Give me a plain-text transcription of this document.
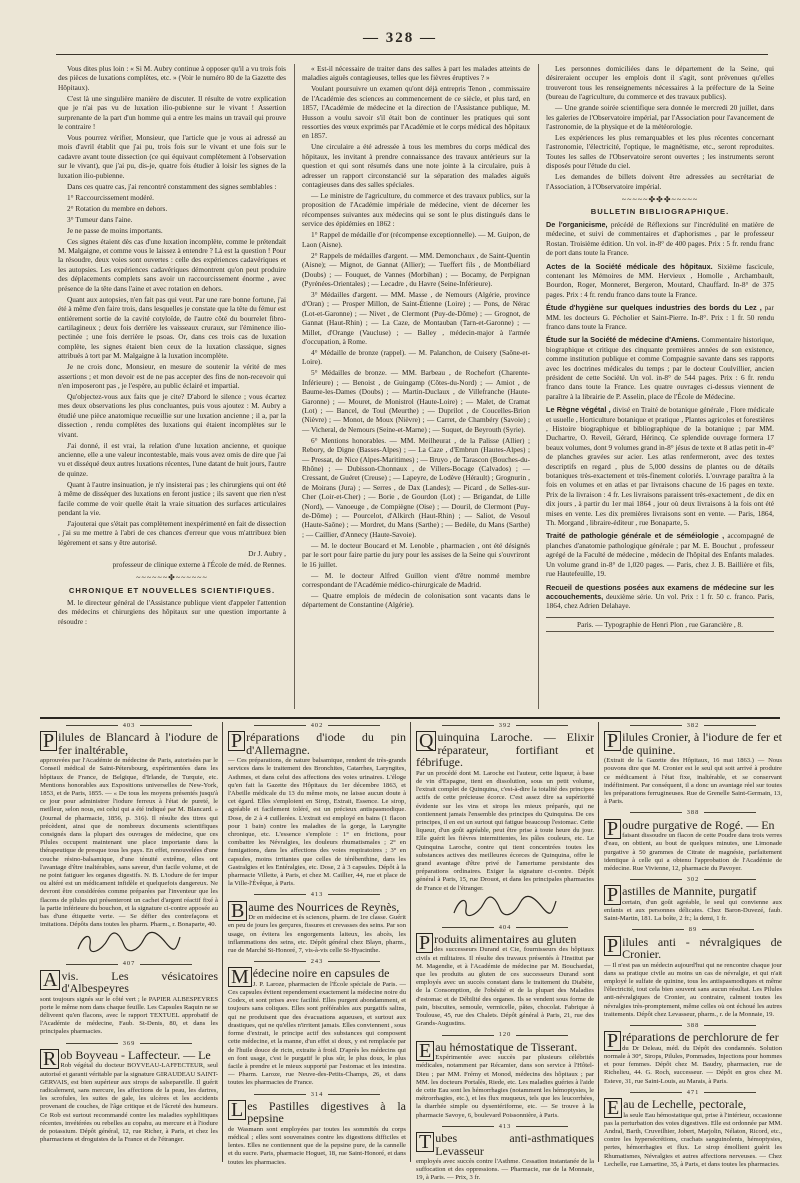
— 328 —

Vous dites plus loin : « Si M. Aubry continue à opposer qu'il a vu trois fois des pièces de luxations complètes, etc. » (Voir le numéro 80 de la Gazette des Hôpitaux).

C'est là une singulière manière de discuter. Il résulte de votre explication que je n'ai pas vu de luxation ilio-pubienne sur le vivant ! Assertion surprenante de la part d'un homme qui a entre les mains un travail qui prouve le contraire !

Vous pourrez vérifier, Monsieur, que l'article que je vous ai adressé au mois d'avril établit que j'ai pu, trois fois sur le vivant et une fois sur le cadavre avant toute dissection (ce qui équivaut complètement à l'observation sur le vivant), que j'ai pu, dis-je, quatre fois étudier à loisir les signes de la luxation ilio-pubienne.

Dans ces quatre cas, j'ai rencontré constamment des signes semblables :

1° Raccourcissement modéré.

2° Rotation du membre en dehors.

3° Tumeur dans l'aine.

Je ne passe de moins importants.

Ces signes étaient dès cas d'une luxation incomplète, comme le prétendait M. Malgaigne, et comme vous le laissez à entendre ? Là est la question ! Pour la résoudre, deux voies sont ouvertes : celle des expériences cadavériques et les autopsies. Les expériences cadavériques démontrent qu'on peut produire des déplacements complets sans avoir un raccourcissement énorme , avec présence de la tête dans l'aine et avec rotation en dehors.

Quant aux autopsies, n'en fait pas qui veut. Par une rare bonne fortune, j'ai été à même d'en faire trois, dans lesquelles je constate que la tête du fémur est entièrement sortie de la cavité cotyloïde, de l'autre côté du bourrelet fibro-cartilagineux ; deux fois derrière les vaisseaux cruraux, sur l'éminence ilio-pectinée ; une fois derrière le psoas. Or, dans ces trois cas de luxation complète, les signes étaient bien ceux de la luxation classique, signes attribués à tort par M. Malgaigne à la luxation incomplète.

Je ne crois donc, Monsieur, en mesure de soutenir la vérité de mes assertions ; et mon devoir est de ne pas accepter des fins de non-recevoir qui n'en imposeront pas , je l'espère, au public éclairé et impartial.

Qu'objectez-vous aux faits que je cite? D'abord le silence ; vous écartez mes deux observations les plus concluantes, puis vous ajoutez : M. Aubry a étudié une pièce anatomique recueillie sur une luxation ancienne ; il a, par la dissection , rendu complètes des luxations qui étaient incomplètes sur le vivant.

J'ai donné, il est vrai, la relation d'une luxation ancienne, et quoique ancienne, elle a une valeur incontestable, mais vous avez omis de dire que j'ai vu et disséqué deux autres luxations récentes, l'une datant de huit jours, l'autre de quinze.

Quant à l'autre insinuation, je n'y insisterai pas ; les chirurgiens qui ont été à même de disséquer des luxations en feront justice ; ils savent que rien n'est facile comme de voir quelle était la vraie situation des surfaces articulaires pendant la vie.

J'ajouterai que s'était pas complètement inexpérimenté en fait de dissection , j'ai su me mettre à l'abri de ces chances d'erreur que vous m'attribuez bien légèrement et sans y être autorisé.

Dr J. Aubry ,

professeur de clinique externe à l'École de méd. de Rennes.

~~~~~~✤~~~~~~
CHRONIQUE ET NOUVELLES SCIENTIFIQUES.

M. le directeur général de l'Assistance publique vient d'appeler l'attention des médecins et chirurgiens des hôpitaux sur une question importante à résoudre :

« Est-il nécessaire de traiter dans des salles à part les malades atteints de maladies aiguës contagieuses, telles que les fièvres éruptives ? »

Voulant poursuivre un examen qu'ont déjà entrepris Tenon , commissaire de l'Académie des sciences au commencement de ce siècle, et plus tard, en 1857, l'Académie de médecine et la direction de l'Assistance publique, M. Husson a voulu savoir s'il était bon de continuer les pratiques qui sont ressorties des vœux exprimés par l'Académie et le corps médical des hôpitaux en 1857.

Une circulaire a été adressée à tous les membres du corps médical des hôpitaux, les invitant à prendre connaissance des travaux antérieurs sur la question et qui sont résumés dans une note jointe à la circulaire, puis à adresser un rapport circonstancié sur la séparation des malades aiguës contagieuses dans des salles spéciales.

— Le ministre de l'agriculture, du commerce et des travaux publics, sur la proposition de l'Académie impériale de médecine, vient de décerner les récompenses suivantes aux médecins qui se sont le plus distingués dans le service des épidémies en 1862 :

1° Rappel de médaille d'or (récompense exceptionnelle). — M. Guipon, de Laon (Aisne).

2° Rappels de médailles d'argent. — MM. Demonchaux , de Saint-Quentin (Aisne); — Mignot, de Gannat (Allier); — Tueffert fils , de Montbéliard (Doubs) ; — Fouquet, de Vannes (Morbihan) ; — Bocamy, de Perpignan (Pyrénées-Orientales) ; — Lecadre , du Havre (Seine-Inférieure).

3° Médailles d'argent. — MM. Masse , de Nemours (Algérie, province d'Oran) ; — Prosper Millon, de Saint-Étienne (Loire) ; — Pons, de Nérac (Lot-et-Garonne) ; — Nivet , de Clermont (Puy-de-Dôme) ; — Grognot, de Gannat (Haut-Rhin) ; — La Caze, de Montauban (Tarn-et-Garonne) ; — Millet, d'Orange (Vaucluse) ; — Balley , médecin-major à l'armée d'occupation, à Rome.

4° Médaille de bronze (rappel). — M. Palanchon, de Cuisery (Saône-et-Loire).

5° Médailles de bronze. — MM. Barbeau , de Rochefort (Charente-Inférieure) ; — Benoist , de Guingamp (Côtes-du-Nord) ; — Amiot , de Baume-les-Dames (Doubs) ; — Martin-Duclaux , de Villefranche (Haute-Garonne) ; — Mouret, de Monistrol (Haute-Loire) ; — Malet, de Cramat (Lot) ; — Bancel, de Toul (Meurthe) ; — Duprilot , de Coucelles-Brion (Nièvre) ; — Monot, de Moux (Nièvre) ; — Carret, de Chambéry (Savoie) ; — Vicheral, de Nemours (Seine-et-Marne) ; — Suquet, de Beyrouth (Syrie).

6° Mentions honorables. — MM. Meilheurat , de la Palisse (Allier) ; Rebory, de Digne (Basses-Alpes) ; — La Caze , d'Embrun (Hautes-Alpes) ; — Pressat, de Nice (Alpes-Maritimes) ; — Bruyo , de Tarascon (Bouches-du-Rhône) ; — Dubisson-Chonnaux , de Villers-Bocage (Calvados) ; — Cressant, de Guéret (Creuse) ; — Lapeyre, de Lodève (Hérault) ; Grognurin , de Moirans (Jura) ; — Serres , de Dax (Landes); — Picard , de Selles-sur-Cher (Loir-et-Cher) ; — Borie , de Gourdon (Lot) ; — Brigandat, de Lille (Nord), — Vanoeuge , de Compiègne (Oise) ; — Douril, de Clermont (Puy-de-Dôme) ; — Pourcelot, d'Alkirch (Haut-Rhin) ; — Saliot, de Vesoul (Haute-Saône) ; — Mordret, du Mans (Sarthe) ; — Bedèle, du Mans (Sarthe) ; — Caillier, d'Annecy (Haute-Savoie).

— M. le docteur Boucard et M. Lenoble , pharmacien , ont été désignés par le sort pour faire partie du jury pour les assises de la Seine qui s'ouvriront le 16 juillet.

— M. le docteur Alfred Guillon vient d'être nommé membre correspondant de l'Académie médico-chirurgicale de Madrid.

— Quatre emplois de médecin de colonisation sont vacants dans le département de Constantine (Algérie).

Les personnes domiciliées dans le département de la Seine, qui désireraient occuper les emplois dont il s'agit, sont prévenues qu'elles trouveront tous les renseignements nécessaires à la préfecture de la Seine (bureau de l'agriculture, du commerce et des travaux publics).

— Une grande soirée scientifique sera donnée le mercredi 20 juillet, dans les galeries de l'Observatoire impérial, par l'Association pour l'avancement de l'astronomie, de la physique et de la météorologie.

Les expériences les plus remarquables et les plus récentes concernant l'astronomie, l'électricité, l'optique, le magnétisme, etc., seront reproduites. Toutes les salles de l'Observatoire seront ouvertes ; les instruments seront disposés pour l'étude du ciel.

Les demandes de billets doivent être adressées au secrétariat de l'Association, à l'Observatoire impérial.

~~~~~✤✤✤~~~~~
BULLETIN BIBLIOGRAPHIQUE.

De l'organicisme, précédé de Réflexions sur l'incrédulité en matière de médecine, et suivi de commentaires et d'aphorismes , par le professeur Rostan. Troisième édition. Un vol. in-8° de 400 pages. Prix : 5 fr. rendu franc de port dans toute la France.

Actes de la Société médicale des hôpitaux. Sixième fascicule, contenant les Mémoires de MM. Hervieux , Homolle , Archambault, Bourdon, Roger, Monneret, Bergeron, Moutard, Chauffard. In-8° de 375 pages. Prix : 4 fr. rendu franco dans toute la France.

Étude d'hygiène sur quelques industries des bords du Lez , par MM. les docteurs G. Pécholier et Saint-Pierre. In-8°. Prix : 1 fr. 50 rendu franco dans toute la France.

Étude sur la Société de médecine d'Amiens. Commentaire historique, biographique et critique des cinquante premières années de son existence, comme institution publique et comme Compagnie savante dans ses rapports avec les doctrines médicales du temps ; par le docteur Coulvillier, ancien président de cette Société. Un vol. in-8° de 544 pages. Prix : 6 fr. rendu franco dans toute la France. Les quatre ouvrages ci-dessus viennent de paraître à la librairie de P. Asselin, place de l'École de Médecine.

Le Règne végétal , divisé en Traité de botanique générale , Flore médicale et usuelle , Horticulture botanique et pratique , Plantes agricoles et forestières , Histoire biographique et bibliographique de la botanique ; par MM. Duchartre, O. Reveil, Gérard, Hérincq. Ce splendide ouvrage formera 17 beaux volumes, dont 9 volumes grand in-8° jésus de texte et 8 atlas petit in-4° de planches gravées sur acier. Les atlas renfermeront, avec des textes descriptifs en regard , plus de 5,000 dessins de plantes ou de détails botaniques très-exactement et très-finement coloriés. L'ouvrage paraîtra à la fois en volumes et en atlas et par livraisons chacune de 16 pages en texte. Prix de la livraison : 4 fr. Les livraisons paraissent très-exactement , de dix en dix jours , à partir du 1er mai 1864 , jour où deux livraisons à la fois ont été mises en vente. Les dix premières livraisons sont en vente. — Paris, 1864, Th. Morgand , libraire-éditeur , rue Bonaparte, 5.

Traité de pathologie générale et de séméiologie , accompagné de planches d'anatomie pathologique générale ; par M. E. Bouchut , professeur agrégé de la Faculté de médecine , médecin de l'hôpital des Enfants malades. Un volume grand in-8° de 1,020 pages. — Paris, chez J. B. Baillière et fils, rue Hautefeuille, 19.

Recueil de questions posées aux examens de médecine sur les accouchements, deuxième série. Un vol. Prix : 1 fr. 50 c. franco. Paris, 1864, chez Adrien Delahaye.

Paris. — Typographie de Henri Plon , rue Garancière , 8.
403
P ilules de Blancard à l'iodure de fer inaltérable,
approuvées par l'Académie de médecine de Paris, autorisées par le Conseil médical de Saint-Pétersbourg, expérimentées dans les hôpitaux de France, de Belgique, d'Irlande, de Turquie, etc. Mentions honorables aux Expositions universelles de New-York, 1853, et de Paris, 1855. — « De tous les moyens présentés jusqu'à ce jour pour administrer l'iodure ferreux à l'état de pureté, le meilleur, selon nous, est celui qui a été indiqué par M. Blancard. » (Journal de pharmacie, 1856, p. 316). Il résulte des titres qui précèdent, ainsi que de nombreux documents scientifiques consignés dans la plupart des ouvrages de médecine, que ces Pilules occupent maintenant une place importante dans la thérapeutique de presque tous les pays. En effet, renouvelées d'une couche résino-balsamique, d'une ténuité extrême, elles ont l'avantage d'être inaltérables, sans saveur, d'un facile volume, et de ne point fatiguer les organes digestifs. N. B. L'iodure de fer impur ou altéré est un médicament infidèle et quelquefois dangereux. Ne devront être considérées comme préparées par l'inventeur que les flacons de pilules qui présenteront un cachet d'argent réactif fixé à la partie inférieure du bouchon, et la signature ci-contre apposée au bas d'une étiquette verte. — Se défier des contrefaçons et imitations. Dépôts dans toutes les pharm. Pharm., r. Bonaparte, 40.
407
A vis. Les vésicatoires d'Albespeyres
sont toujours signés sur le côté vert ; le PAPIER ALBESPEYRES porte le même nom dans chaque feuille. Les Capsules Raquin ne se délivrent qu'en flacons, avec le rapport TEXTUEL approbatif de l'Académie de médecine, Faub. St-Denis, 80, et dans les principales pharmacies.
369
R ob Boyveau - Laffecteur. — Le
Rob végétal du docteur BOYVEAU-LAFFECTEUR, seul autorisé et garanti véritable par la signature GIRAUDEAU SAINT-GERVAIS, est bien supérieur aux sirops de salsepareille. Il guérit radicalement, sans mercure, les affections de la peau, les dartres, les scrofules, les suites de gale, les ulcères et les accidents provenant de couches, de l'âge critique et de l'âcreté des humeurs. Ce Rob est surtout recommandé contre les maladies syphilitiques récentes, invétérées ou rebelles au copahu, au mercure et à l'iodure de potassium. Dépôt général, 12, rue Richer, à Paris, et chez les pharmaciens et droguistes de la France et de l'étranger.
402
P réparations d'iode du pin d'Allemagne.
— Ces préparations, de nature balsamique, rendent de très-grands services dans le traitement des Bronchites, Catarrhes, Laryngites, Asthmes, et dans celui des affections des voies urinaires. L'éloge qu'en fait la Gazette des Hôpitaux du 1er décembre 1863, et l'Abeille médicale du 13 du même mois, ne laisse aucun doute à cet égard. Elles s'emploient en Sirop, Extrait, Essence. Le sirop, agréable et facilement toléré, est un précieux antispasmodique. Dose, de 2 à 4 cuillerées. L'extrait est employé en bains (1 flacon pour 1 bain) contre les maladies de la gorge, la Laryngite chronique, etc. L'essence s'emploie : 1° en frictions, pour combattre les Névralgies, les douleurs rhumatismales ; 2° en fumigations, dans les affections des voies respiratoires ; 3° en capsules, moins irritantes que celles de térébenthine, dans les Gastralgies et les Entéralgies, etc. Dose, 2 à 3 capsules. Dépôt à la pharmacie Villette, à Paris, et chez M. Caillier, 44, rue et place de la Ville-l'Évêque, à Paris.
413
B aume des Nourrices de Reynès,
Dr en médecine et ès sciences, pharm. de 1re classe. Guérit en peu de jours les gerçures, fissures et crevasses des seins. Par son usage, on évitera les engorgements laiteux, les abcès, les inflammations des seins, etc. Dépôt général chez Blayn, pharm., rue de Marché St-Honoré, 7, vis-à-vis celle St-Hyacinthe.
243
M édecine noire en capsules de
J. P. Laroze, pharmacien de l'École spéciale de Paris. — Ces capsules évitent rependement exactement la médecine noire du Codex, et sont prises avec facilité. Elles purgent abondamment, et toujours sans coliques. Elles sont préférables aux purgatifs salins, qui ne produisent que des évacuations aqueuses, et surtout aux drastiques, qui ne qu'elles n'irritent jamais. Elles conviennent , sous forme d'extrait, le principe actif des substances qui composent cette médecine, et la manne, d'un effet si doux, y est remplacée par de l'huile douce de ricin, extraite à froid. D'après les médecins qui en font usage, c'est le purgatif le plus sûr, le plus doux, le plus facile à prendre et le mieux supporté par l'estomac et les intestins. — Pharm. Laroze, rue Neuve-des-Petits-Champs, 26, et dans toutes les pharmacies de France.
314
L es Pastilles digestives à la pepsine
de Wasmann sont employées par toutes les sommités du corps médical ; elles sont souveraines contre les digestions difficiles et lentes. Elles ne contiennent que de la pepsine pure, de la cannelle et du sucre. Paris, pharmacie Hoguet, 18, rue Saint-Honoré, et dans toutes les pharmacies.
392
Q uinquina Laroche. — Elixir réparateur, fortifiant et fébrifuge.
Par un procédé dont M. Laroche est l'auteur, cette liqueur, à base de vin d'Espagne, tient en dissolution, sous un petit volume, l'extrait complet de Quinquina, c'est-à-dire la totalité des principes actifs de cette précieuse écorce. C'est assez dire sa supériorité évidente sur les vins et sirops les mieux préparés, qui ne contiennent jamais l'ensemble des principes du Quinquina. De ces principes, il en est un surtout qui fatigue beaucoup l'estomac. Cette liqueur, d'un goût agréable, peut être prise à toute heure du jour. Elle guérit les fièvres intermittentes, les pâles couleurs, etc. Le Quinquina Laroche, contre qui tient concentrées toutes les substances actives des meilleures écorces de Quinquina, offre le grand avantage d'être privé de l'amertume persistante des préparations ordinaires. Exiger la signature ci-contre. Dépôt général à Paris, 15, rue Drouot, et dans les principales pharmacies de France et de l'étranger.
404
P roduits alimentaires au gluten
des successeurs Durand et Cie, fournisseurs des hôpitaux civils et militaires. Il résulte des travaux présentés à l'Institut par M. Magendie, et à l'Académie de médecine par M. Bouchardat, que les produits au gluten de ces successeurs Durand sont employés avec un succès constant dans le traitement du Diabète, de la Consomption, de l'obésité et de la plupart des Maladies d'estomac et de Débilité des organes. Ils se vendent sous forme de pain, biscuites, semoule, vermicelle, pâtes, chocolat. Fabrique à Toulouse, 45, rue des Chalets. Dépôt général à Paris, 21, rue des Grands-Augustins.
120
E au hémostatique de Tisserant.
Expérimentée avec succès par plusieurs célébrités médicales, notamment par Récamier, dans son service à l'Hôtel-Dieu ; par MM. Frémy et Monod, médecins des hôpitaux ; par MM. les docteurs Portalès, Riede, etc. Les maladies guéries à l'aide de cette Eau sont les hémorrhagies (notamment les hémoptysies, le métrorrhagies, etc.), et les flux muqueux, tels que les leucorrhées, la diarrhée simple ou dysentériforme, etc. — Se trouve à la pharmacie Savoye, 6, boulevard Poissonnière, à Paris.
413
T ubes anti-asthmatiques Levasseur
employés avec succès contre l'Asthme. Cessation instantanée de la suffocation et des oppressions. — Pharmacie, rue de la Monnaie, 19, à Paris. — Prix, 3 fr.
382
P ilules Cronier, à l'iodure de fer et de quinine.
(Extrait de la Gazette des Hôpitaux, 16 mai 1863.) — Nous pouvons dire que M. Cronier est le seul qui soit arrivé à produire ce médicament à l'état fixe, inaltérable, et se conservant indéfiniment. Par conséquent, il a donc un avantage réel sur toutes les préparations ferrugineuses. Rue de Grenelle Saint-Germain, 13, à Paris.
388
P oudre purgative de Rogé. — En
faisant dissoudre un flacon de cette Poudre dans trois verres d'eau, on obtient, au bout de quelques minutes, une Limonade purgative à 50 grammes de Citrate de magnésie, parfaitement identique à celle qui a obtenu l'approbation de l'Académie de médecine. Rue Vivienne, 12, pharmacie du Pavoyer.
302
P astilles de Mannite, purgatif
certain, d'un goût agréable, le seul qui convienne aux enfants et aux personnes délicates. Chez Baron-Duvezé, faub. Saint-Martin, 181. La boîte, 2 fr.; la demi, 1 fr.
89
P ilules anti - névralgiques de Cronier.
— Il n'est pas un médecin aujourd'hui qui ne rencontre chaque jour dans sa pratique civile au moins un cas de névralgie, et qui n'ait employé le sulfate de quinine, tous les antispasmodiques et même l'électricité, tout cela bien souvent sans aucun résultat. Les Pilules anti-névralgiques de Cronier, au contraire, calment toutes les névralgies très-promptement, même celles où ont échoué les autres traitements. Dépôt chez Levasseur, pharm., r. de la Monnaie, 19.
388
P réparations de perchlorure de fer
du Dr Deleau, méd. du Dépôt des condamnés. Solution normale à 30°, Sirops, Pilules, Pommades, Injections pour hommes et pour femmes. Dépôt chez M. Baudry, pharmacien, rue de Richelieu, 44. G. Roch, successeur. — Dépôt en gros chez M. Esteve, 31, rue Saint-Louis, au Marais, à Paris.
471
E au de Lechelle, pectorale,
la seule Eau hémostatique qui, prise à l'intérieur, occasionne pas la perturbation des voies digestives. Elle est ordonnée par MM. Andral, Barth, Cruveilhier, Jobert, Marjolin, Nélaton, Ricord, etc., contre les hypersécrétions, crachats sanguinolents, hémoptysies, pertes, hémorrhagies et flux. Le sirop émollient guérit les Rhumatismes, Névralgies et autres affections nerveuses. — Chez Lechelle, rue Lamartine, 35, à Paris, et dans toutes les pharmacies.
